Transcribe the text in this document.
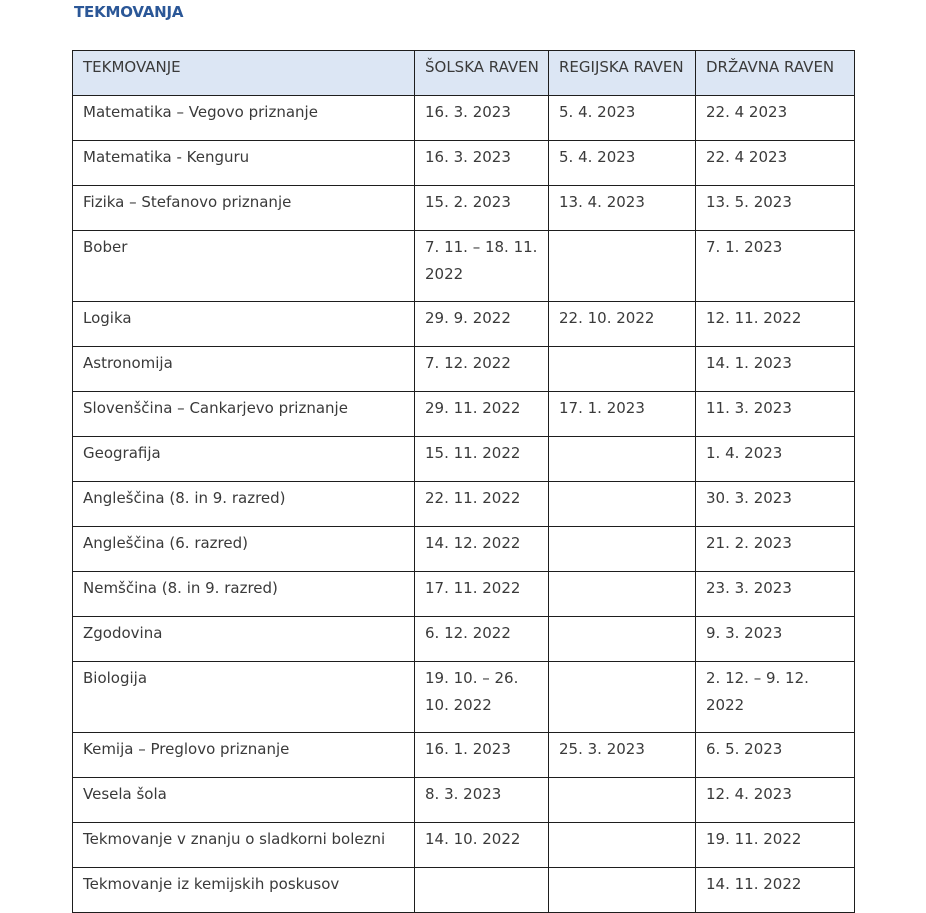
TEKMOVANJA
TEKMOVANJE	ŠOLSKA RAVEN	REGIJSKA RAVEN	DRŽAVNA RAVEN
Matematika – Vegovo priznanje	16. 3. 2023	5. 4. 2023	22. 4 2023
Matematika - Kenguru	16. 3. 2023	5. 4. 2023	22. 4 2023
Fizika – Stefanovo priznanje	15. 2. 2023	13. 4. 2023	13. 5. 2023
Bober	7. 11. – 18. 11. 2022		7. 1. 2023
Logika	29. 9. 2022	22. 10. 2022	12. 11. 2022
Astronomija	7. 12. 2022		14. 1. 2023
Slovenščina – Cankarjevo priznanje	29. 11. 2022	17. 1. 2023	11. 3. 2023
Geografija	15. 11. 2022		1. 4. 2023
Angleščina (8. in 9. razred)	22. 11. 2022		30. 3. 2023
Angleščina (6. razred)	14. 12. 2022		21. 2. 2023
Nemščina (8. in 9. razred)	17. 11. 2022		23. 3. 2023
Zgodovina	6. 12. 2022		9. 3. 2023
Biologija	19. 10. – 26. 10. 2022		2. 12. – 9. 12. 2022
Kemija – Preglovo priznanje	16. 1. 2023	25. 3. 2023	6. 5. 2023
Vesela šola	8. 3. 2023		12. 4. 2023
Tekmovanje v znanju o sladkorni bolezni	14. 10. 2022		19. 11. 2022
Tekmovanje iz kemijskih poskusov			14. 11. 2022
